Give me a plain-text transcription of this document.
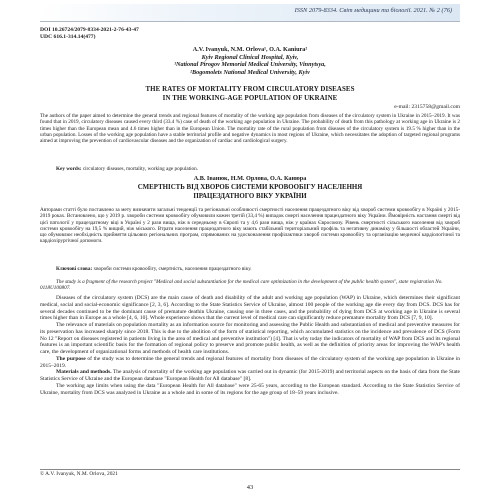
ISSN 2079-8334. Світ медицини та біології. 2021. № 2 (76)
DOI 10.26724/2079-8334-2021-2-76-43-47
UDC 616.1-314.14(477)
A.V. Ivanyuk, N.M. Orlova¹, O.A. Kaniura²
Kyiv Regional Clinical Hospital, Kyiv,
¹National Pirogov Memorial Medical University, Vinnytsya,
²Bogomolets National Medical University, Kyiv
THE RATES OF MORTALITY FROM CIRCULATORY DISEASES
IN THE WORKING-AGE POPULATION OF UKRAINE
e-mail: 2315758@gmail.com
The authors of the paper aimed to determine the general trends and regional features of mortality of the working age population from diseases of the circulatory system in Ukraine in 2015–2019. It was found that in 2019, circulatory diseases caused every third (33.4 %) case of death of the working age population in Ukraine. The probability of death from this pathology at working age in Ukraine is 2 times higher than the European mean and 4.6 times higher than in the European Union. The mortality rate of the rural population from diseases of the circulatory system is 19.5 % higher than in the urban population. Losses of the working age population have a stable territorial profile and negative dynamics in most regions of Ukraine, which necessitates the adoption of targeted regional programs aimed at improving the prevention of cardiovascular diseases and the organization of cardiac and cardiological surgery.
Key words: circulatory diseases, mortality, working age population.
А.В. Іванюк, Н.М. Орлова, О.А. Канюра
СМЕРТНІСТЬ ВІД ХВОРОБ СИСТЕМИ КРОВООБІГУ НАСЕЛЕННЯ
ПРАЦЕЗДАТНОГО ВІКУ УКРАЇНИ
Авторами статті було поставлено за мету визначити загальні тенденції та регіональні особливості смертності населення працездатного віку від хвороб системи кровообігу в Україні у 2015-2019 роках. Встановлено, що у 2019 р. хвороби системи кровообігу обумовили кожен третій (33,4 %) випадок смерті населення працездатного віку України. Ймовірність настання смерті від цієї патології у працездатному віці в Україні у 2 рази вища, ніж в середньому в Європі та у 4,6 рази вища, ніж у країнах Євросоюзу. Рівень смертності сільського населення від хвороб системи кровообігу на 19,5 % вищий, ніж міського. Втрати населення працездатного віку мають стабільний територіальний профіль та негативну динаміку у більшості областей України, що обумовлює необхідність прийняття цільових регіональних програм, спрямованих на удосконалення профілактики хвороб системи кровообігу та організацію медичної кардіологічної та кардіохірургічної допомоги.
Ключові слова: хвороби системи кровообігу, смертність, населення працездатного віку.
The study is a fragment of the research project "Medical and social substantiation for the medical care optimization in the development of the public health system", state registration No. 0118U100807.

Diseases of the circulatory system (DCS) are the main cause of death and disability of the adult and working age population (WAP) in Ukraine, which determines their significant medical, social and social-economic significance [2, 3, 6]. According to the State Statistics Service of Ukraine, almost 100 people of the working age die every day from DCS. DCS has for several decades continued to be the dominant cause of premature deathin Ukraine, causing one in three cases, and the probability of dying from DCS at working age in Ukraine is several times higher than in Europe as a whole [4, 6, 10]. Whole experience shows that the current level of medical care can significantly reduce premature mortality from DCS [7, 9, 10].

The relevance of materials on population mortality as an information source for monitoring and assessing the Public Health and substantiation of medical and preventive measures for its preservation has increased sharply since 2018. This is due to the abolition of the form of statistical reporting, which accumulated statistics on the incidence and prevalence of DCS (Form No 12 "Report on diseases registered in patients living in the area of medical and preventive institution") [4]. That is why today the indicators of mortality of WAP from DCS and its regional features is an important scientific basis for the formation of regional policy to preserve and promote public health, as well as the definition of priority areas for improving the WAP's health care, the development of organizational forms and methods of health care institutions.

The purpose of the study was to determine the general trends and regional features of mortality from diseases of the circulatory system of the working age population in Ukraine in 2015–2019.

Materials and methods. The analysis of mortality of the working age population was carried out in dynamic (for 2015-2019) and territorial aspects on the basis of data from the State Statistics Service of Ukraine and the European database "European Health for All database" [8].

The working age limits when using the data "European Health for All database" were 25-65 years, according to the European standard. According to the State Statistics Service of Ukraine, mortality from DCS was analyzed in Ukraine as a whole and in some of its regions for the age group of 18–59 years inclusive.

© A.V. Ivanyuk, N.M. Orlova, 2021
43
